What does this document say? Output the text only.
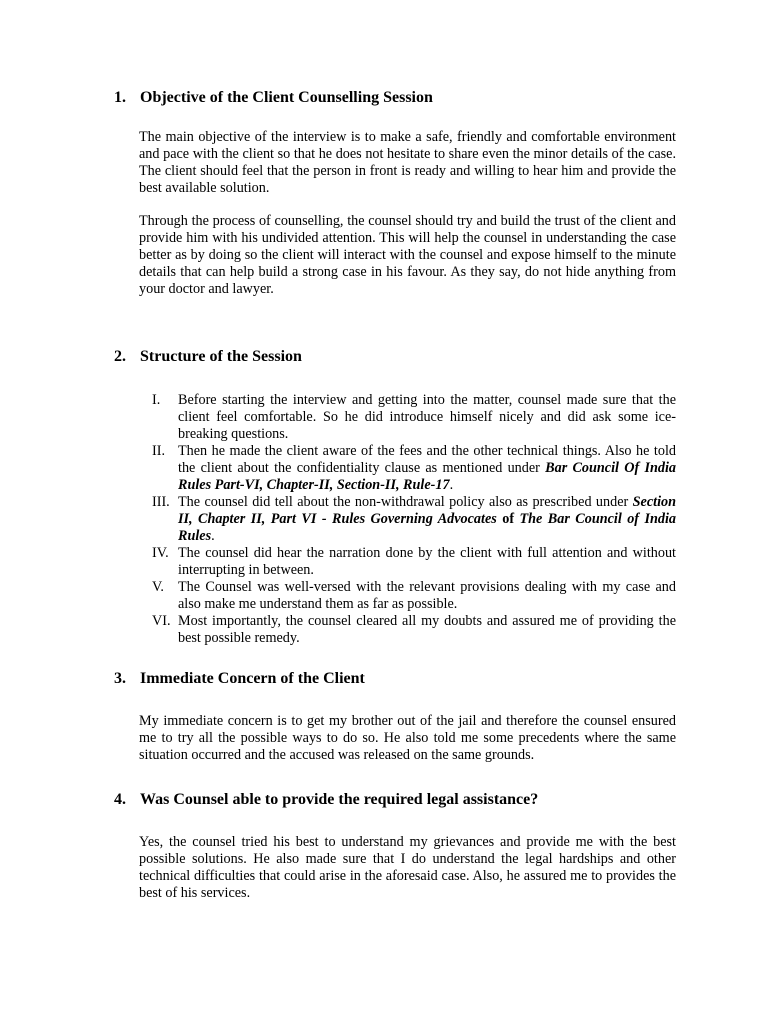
1. Objective of the Client Counselling Session

The main objective of the interview is to make a safe, friendly and comfortable environment and pace with the client so that he does not hesitate to share even the minor details of the case. The client should feel that the person in front is ready and willing to hear him and provide the best available solution.

Through the process of counselling, the counsel should try and build the trust of the client and provide him with his undivided attention. This will help the counsel in understanding the case better as by doing so the client will interact with the counsel and expose himself to the minute details that can help build a strong case in his favour. As they say, do not hide anything from your doctor and lawyer.

2. Structure of the Session
I. Before starting the interview and getting into the matter, counsel made sure that the client feel comfortable. So he did introduce himself nicely and did ask some ice-breaking questions.
II. Then he made the client aware of the fees and the other technical things. Also he told the client about the confidentiality clause as mentioned under Bar Council Of India Rules Part-VI, Chapter-II, Section-II, Rule-17.
III. The counsel did tell about the non-withdrawal policy also as prescribed under Section II, Chapter II, Part VI - Rules Governing Advocates of The Bar Council of India Rules.
IV. The counsel did hear the narration done by the client with full attention and without interrupting in between.
V. The Counsel was well-versed with the relevant provisions dealing with my case and also make me understand them as far as possible.
VI. Most importantly, the counsel cleared all my doubts and assured me of providing the best possible remedy.
3. Immediate Concern of the Client

My immediate concern is to get my brother out of the jail and therefore the counsel ensured me to try all the possible ways to do so. He also told me some precedents where the same situation occurred and the accused was released on the same grounds.

4. Was Counsel able to provide the required legal assistance?

Yes, the counsel tried his best to understand my grievances and provide me with the best possible solutions. He also made sure that I do understand the legal hardships and other technical difficulties that could arise in the aforesaid case. Also, he assured me to provides the best of his services.
